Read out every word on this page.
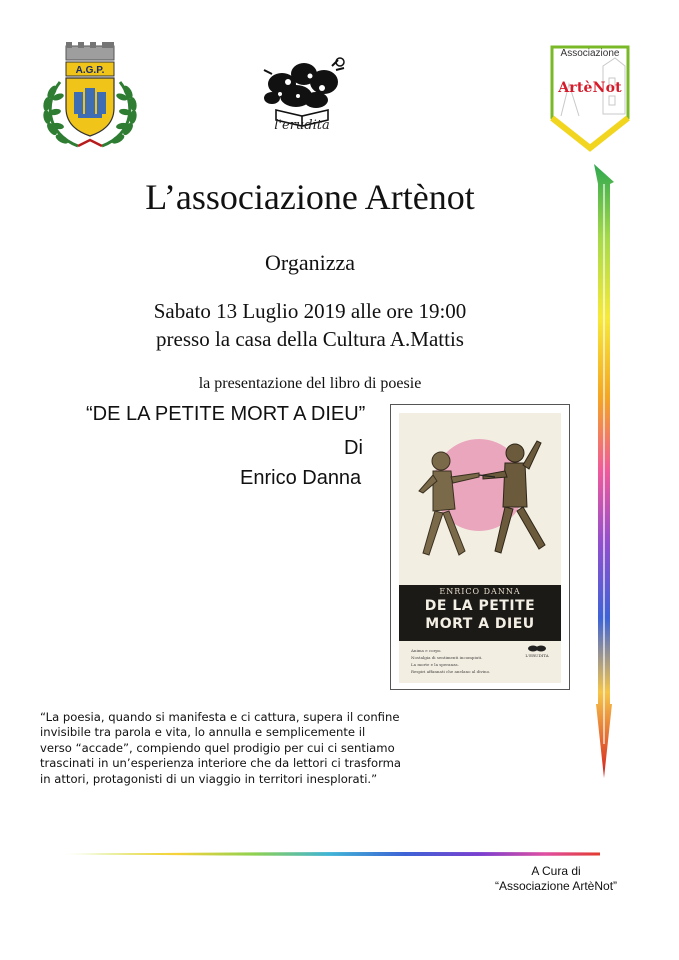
A.G.P.
l'erudita
Associazione
ArtèNot
L’associazione Artènot
Organizza
Sabato 13 Luglio 2019 alle ore 19:00
presso la casa della Cultura A.Mattis
la presentazione del libro di poesie
“DE LA PETITE MORT A DIEU”
Di
Enrico Danna
ENRICO DANNA
DE LA PETITE
MORT A DIEU
Anima e corpo.
Nostalgia di sentimenti incompiuti.
La morte e la speranza.
Respiri affannati che anelano al divino.
L'ERUDITA
“La poesia, quando si manifesta e ci cattura, supera il confine
invisibile tra parola e vita, lo annulla e semplicemente il
verso “accade”, compiendo quel prodigio per cui ci sentiamo
trascinati in un’esperienza interiore che da lettori ci trasforma
in attori, protagonisti di un viaggio in territori inesplorati.”
A Cura di
“Associazione ArtèNot”
